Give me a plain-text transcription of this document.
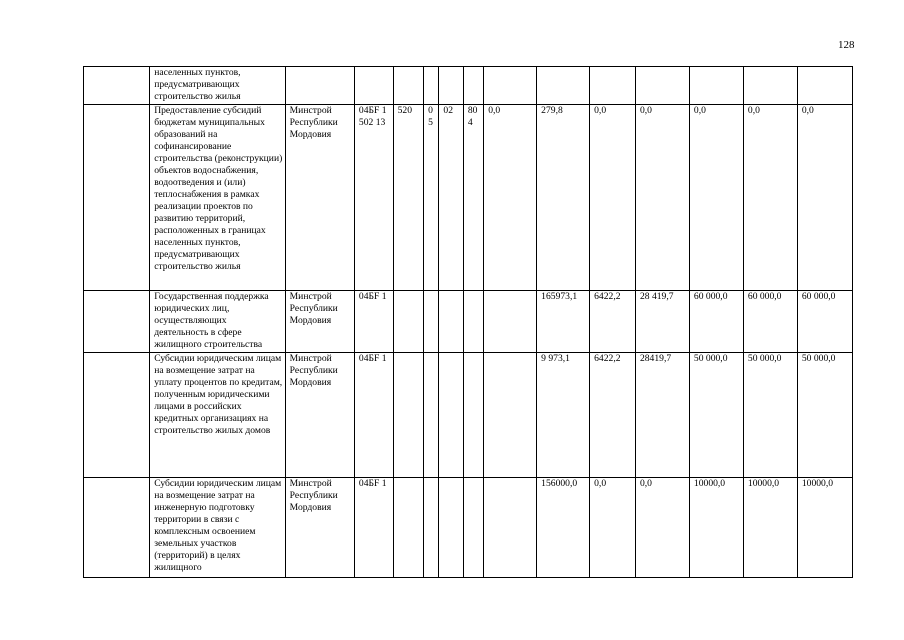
128
	населенных пунктов, предусматривающих строительство жилья													
	Предоставление субсидий бюджетам муниципальных образований на софинансирование строительства (реконструкции) объектов водоснабжения, водоотведения и (или) теплоснабжения в рамках реализации проектов по развитию территорий, расположенных в границах населенных пунктов, предусматривающих строительство жилья	Минстрой Республики Мордовия	04БF 1502 13	520	0 5	02	80 4	0,0	279,8	0,0	0,0	0,0	0,0	0,0
	Государственная поддержка юридических лиц, осуществляющих деятельность в сфере жилищного строительства	Минстрой Республики Мордовия	04БF 1						165973,1	6422,2	28 419,7	60 000,0	60 000,0	60 000,0
	Субсидии юридическим лицам на возмещение затрат на уплату процентов по кредитам, полученным юридическими лицами в российских кредитных организациях на строительство жилых домов	Минстрой Республики Мордовия	04БF 1						9 973,1	6422,2	28419,7	50 000,0	50 000,0	50 000,0
	Субсидии юридическим лицам на возмещение затрат на инженерную подготовку территории в связи с комплексным освоением земельных участков (территорий) в целях жилищного	Минстрой Республики Мордовия	04БF 1						156000,0	0,0	0,0	10000,0	10000,0	10000,0
